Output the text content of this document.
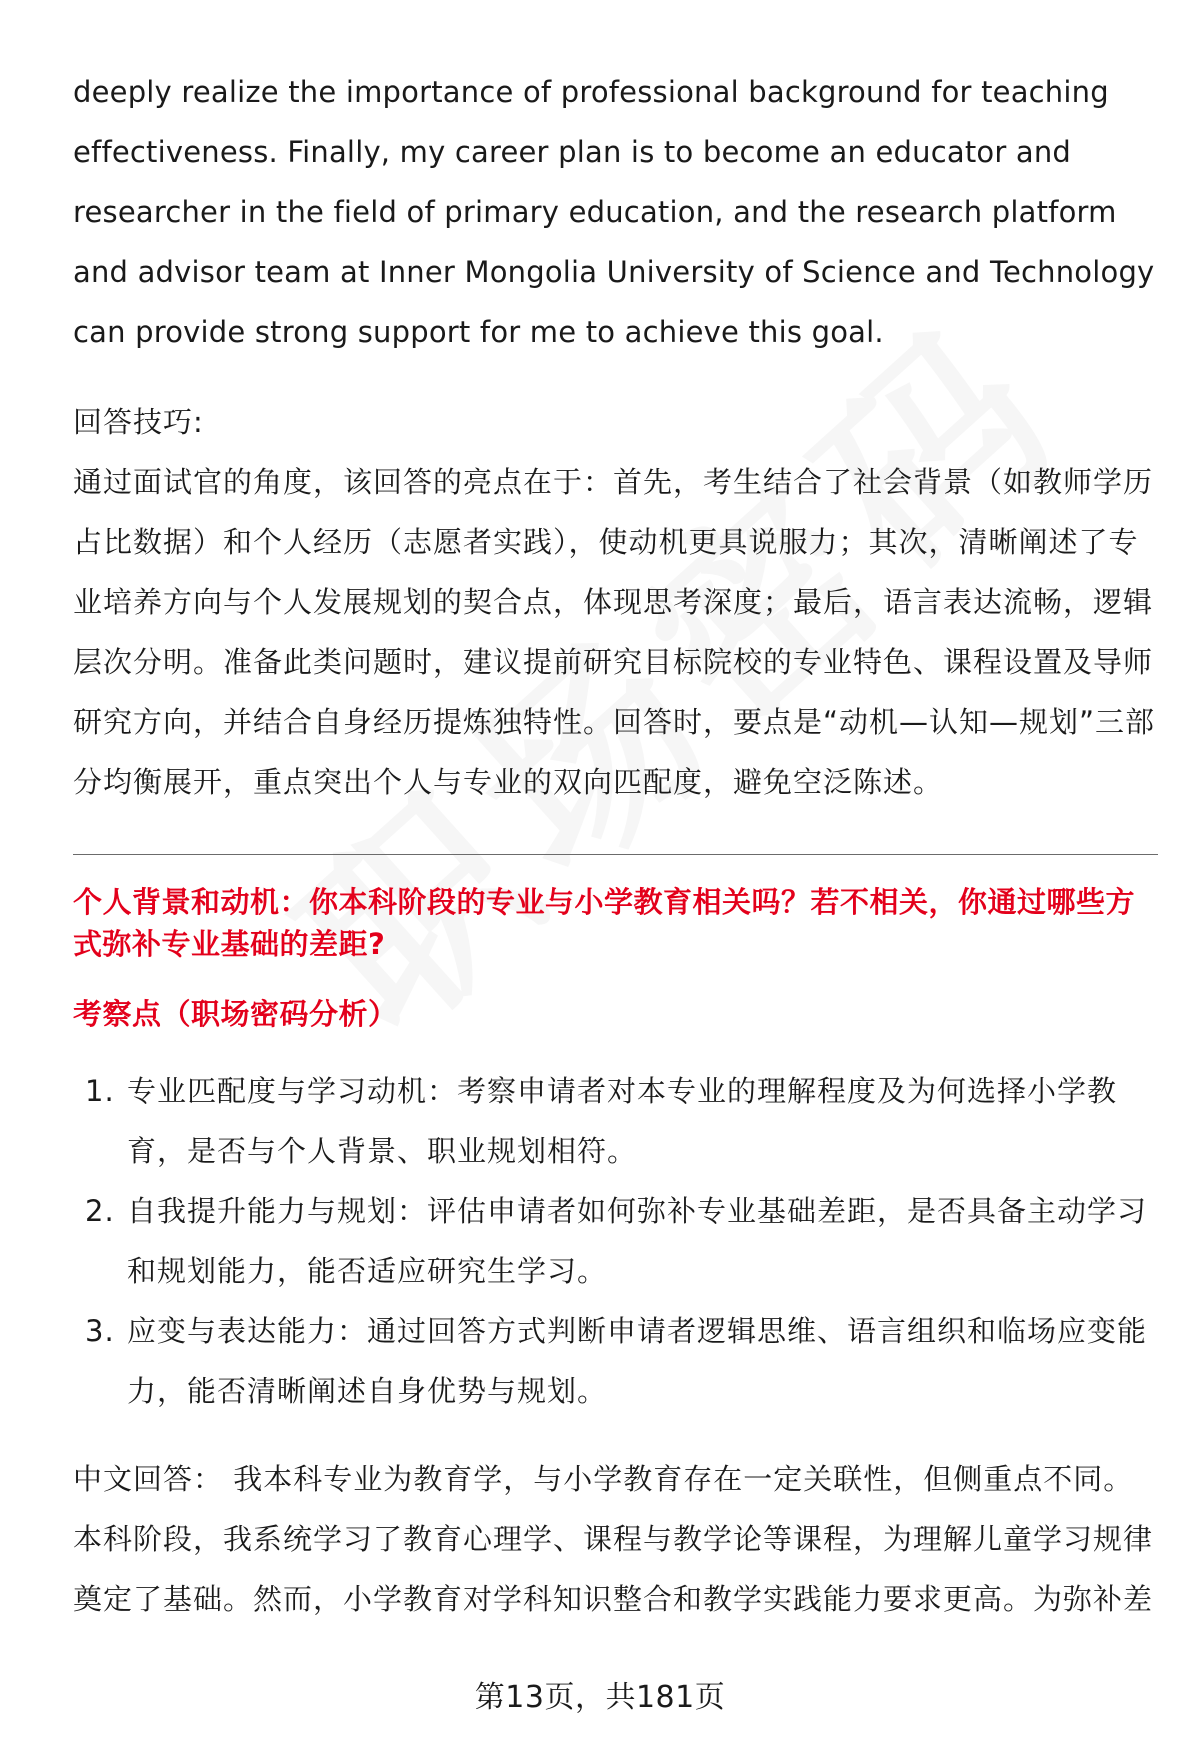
deeply realize the importance of professional background for teaching effectiveness. Finally, my career plan is to become an educator and researcher in the field of primary education, and the research platform and advisor team at Inner Mongolia University of Science and Technology can provide strong support for me to achieve this goal.

回答技巧:

通过面试官的角度，该回答的亮点在于：首先，考生结合了社会背景（如教师学历占比数据）和个人经历（志愿者实践），使动机更具说服力；其次，清晰阐述了专业培养方向与个人发展规划的契合点，体现思考深度；最后，语言表达流畅，逻辑层次分明。准备此类问题时，建议提前研究目标院校的专业特色、课程设置及导师研究方向，并结合自身经历提炼独特性。回答时，要点是“动机—认知—规划”三部分均衡展开，重点突出个人与专业的双向匹配度，避免空泛陈述。

个人背景和动机：你本科阶段的专业与小学教育相关吗？若不相关，你通过哪些方式弥补专业基础的差距?

考察点（职场密码分析）

1. 专业匹配度与学习动机：考察申请者对本专业的理解程度及为何选择小学教育，是否与个人背景、职业规划相符。
2. 自我提升能力与规划：评估申请者如何弥补专业基础差距，是否具备主动学习和规划能力，能否适应研究生学习。
3. 应变与表达能力：通过回答方式判断申请者逻辑思维、语言组织和临场应变能力，能否清晰阐述自身优势与规划。

中文回答： 我本科专业为教育学，与小学教育存在一定关联性，但侧重点不同。本科阶段，我系统学习了教育心理学、课程与教学论等课程，为理解儿童学习规律奠定了基础。然而，小学教育对学科知识整合和教学实践能力要求更高。为弥补差

第13页，共181页
